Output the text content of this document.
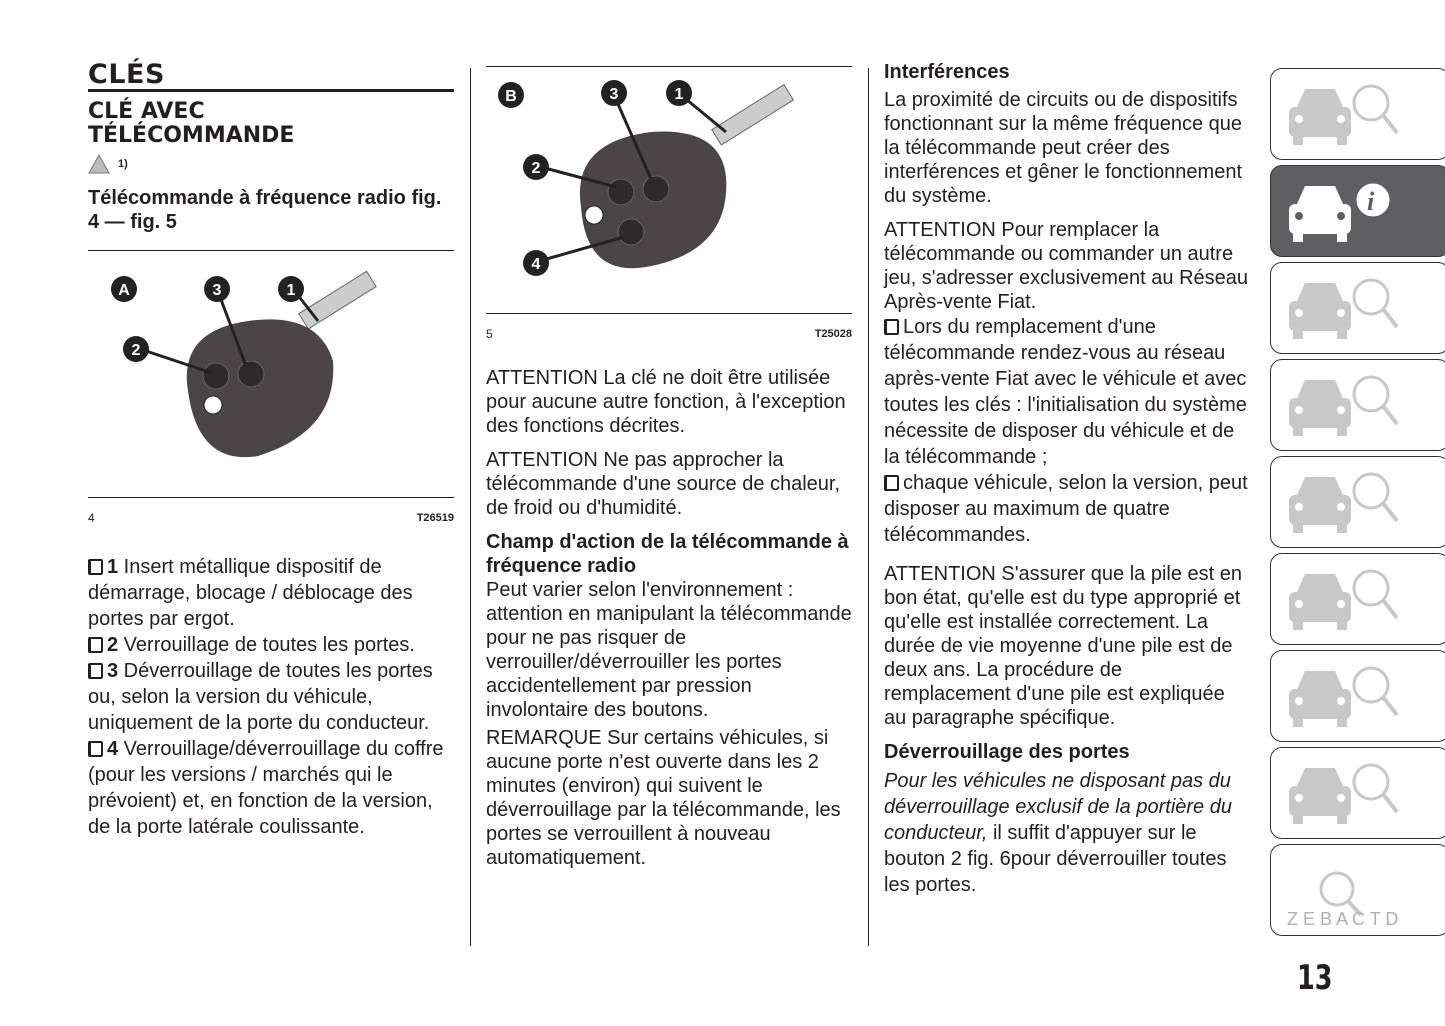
CLÉS
CLÉ AVEC TÉLÉCOMMANDE
1)
Télécommande à fréquence radio fig. 4 — fig. 5
A	1
2
3
4	T26519
1 Insert métallique dispositif de démarrage, blocage / déblocage des portes par ergot.
2 Verrouillage de toutes les portes.
3 Déverrouillage de toutes les portes ou, selon la version du véhicule, uniquement de la porte du conducteur.
4 Verrouillage/déverrouillage du coffre (pour les versions / marchés qui le prévoient) et, en fonction de la version, de la porte latérale coulissante.
B	1
2
3
4
5	T25028

ATTENTION La clé ne doit être utilisée pour aucune autre fonction, à l'exception des fonctions décrites.

ATTENTION Ne pas approcher la télécommande d'une source de chaleur, de froid ou d'humidité.

Champ d'action de la télécommande à fréquence radio

Peut varier selon l'environnement : attention en manipulant la télécommande pour ne pas risquer de verrouiller/déverrouiller les portes accidentellement par pression involontaire des boutons.

REMARQUE Sur certains véhicules, si aucune porte n'est ouverte dans les 2 minutes (environ) qui suivent le déverrouillage par la télécommande, les portes se verrouillent à nouveau automatiquement.

Interférences

La proximité de circuits ou de dispositifs fonctionnant sur la même fréquence que la télécommande peut créer des interférences et gêner le fonctionnement du système.

ATTENTION Pour remplacer la télécommande ou commander un autre jeu, s'adresser exclusivement au Réseau Après-vente Fiat.

Lors du remplacement d'une télécommande rendez-vous au réseau après-vente Fiat avec le véhicule et avec toutes les clés : l'initialisation du système nécessite de disposer du véhicule et de la télécommande ;
chaque véhicule, selon la version, peut disposer au maximum de quatre télécommandes.

ATTENTION S'assurer que la pile est en bon état, qu'elle est du type approprié et qu'elle est installée correctement. La durée de vie moyenne d'une pile est de deux ans. La procédure de remplacement d'une pile est expliquée au paragraphe spécifique.

Déverrouillage des portes
Pour les véhicules ne disposant pas du déverrouillage exclusif de la portière du conducteur, il suffit d'appuyer sur le bouton 2 fig. 6pour déverrouiller toutes les portes.
i
Z E B A C T D
13
